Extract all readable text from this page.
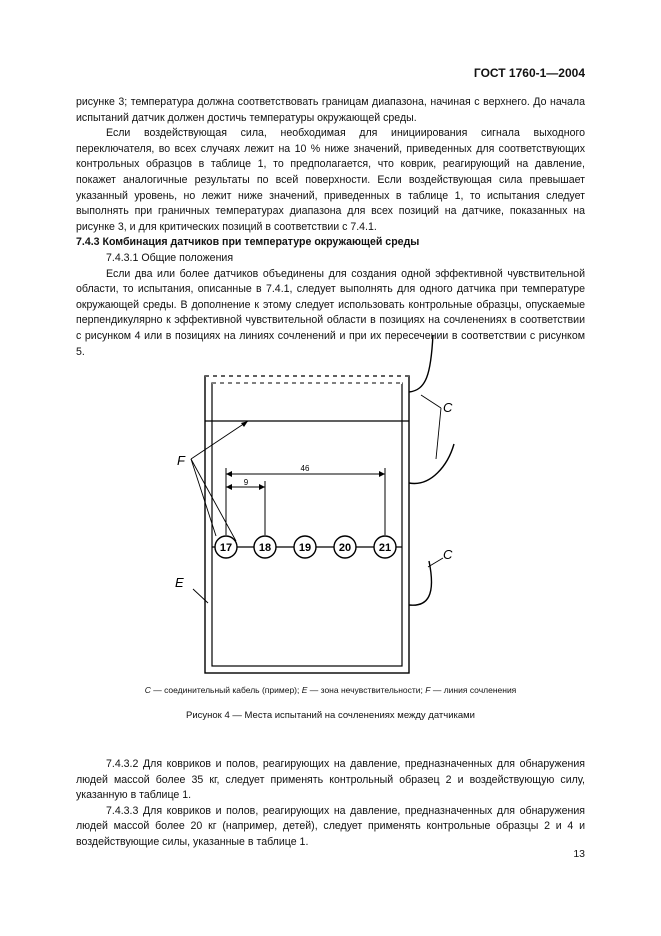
ГОСТ 1760-1—2004

рисунке 3; температура должна соответствовать границам диапазона, начиная с верхнего. До начала испытаний датчик должен достичь температуры окружающей среды.

Если воздействующая сила, необходимая для инициирования сигнала выходного переключателя, во всех случаях лежит на 10 % ниже значений, приведенных для соответствующих контрольных образцов в таблице 1, то предполагается, что коврик, реагирующий на давление, покажет аналогичные результаты по всей поверхности. Если воздействующая сила превышает указанный уровень, но лежит ниже значений, приведенных в таблице 1, то испытания следует выполнять при граничных температурах диапазона для всех позиций на датчике, показанных на рисунке 3, и для критических позиций в соответствии с 7.4.1.

7.4.3 Комбинация датчиков при температуре окружающей среды

7.4.3.1 Общие положения

Если два или более датчиков объединены для создания одной эффективной чувствительной области, то испытания, описанные в 7.4.1, следует выполнять для одного датчика при температуре окружающей среды. В дополнение к этому следует использовать контрольные образцы, опускаемые перпендикулярно к эффективной чувствительной области в позициях на сочленениях в соответствии с рисунком 4 или в позициях на линиях сочленений и при их пересечении в соответствии с рисунком 5.

46
9
17 18	19	20	21
F
E
C
C
C — соединительный кабель (пример); E — зона нечувствительности; F — линия сочленения
Рисунок 4 — Места испытаний на сочленениях между датчиками

7.4.3.2 Для ковриков и полов, реагирующих на давление, предназначенных для обнаружения людей массой более 35 кг, следует применять контрольный образец 2 и воздействующую силу, указанную в таблице 1.

7.4.3.3 Для ковриков и полов, реагирующих на давление, предназначенных для обнаружения людей массой более 20 кг (например, детей), следует применять контрольные образцы 2 и 4 и воздействующие силы, указанные в таблице 1.

13
